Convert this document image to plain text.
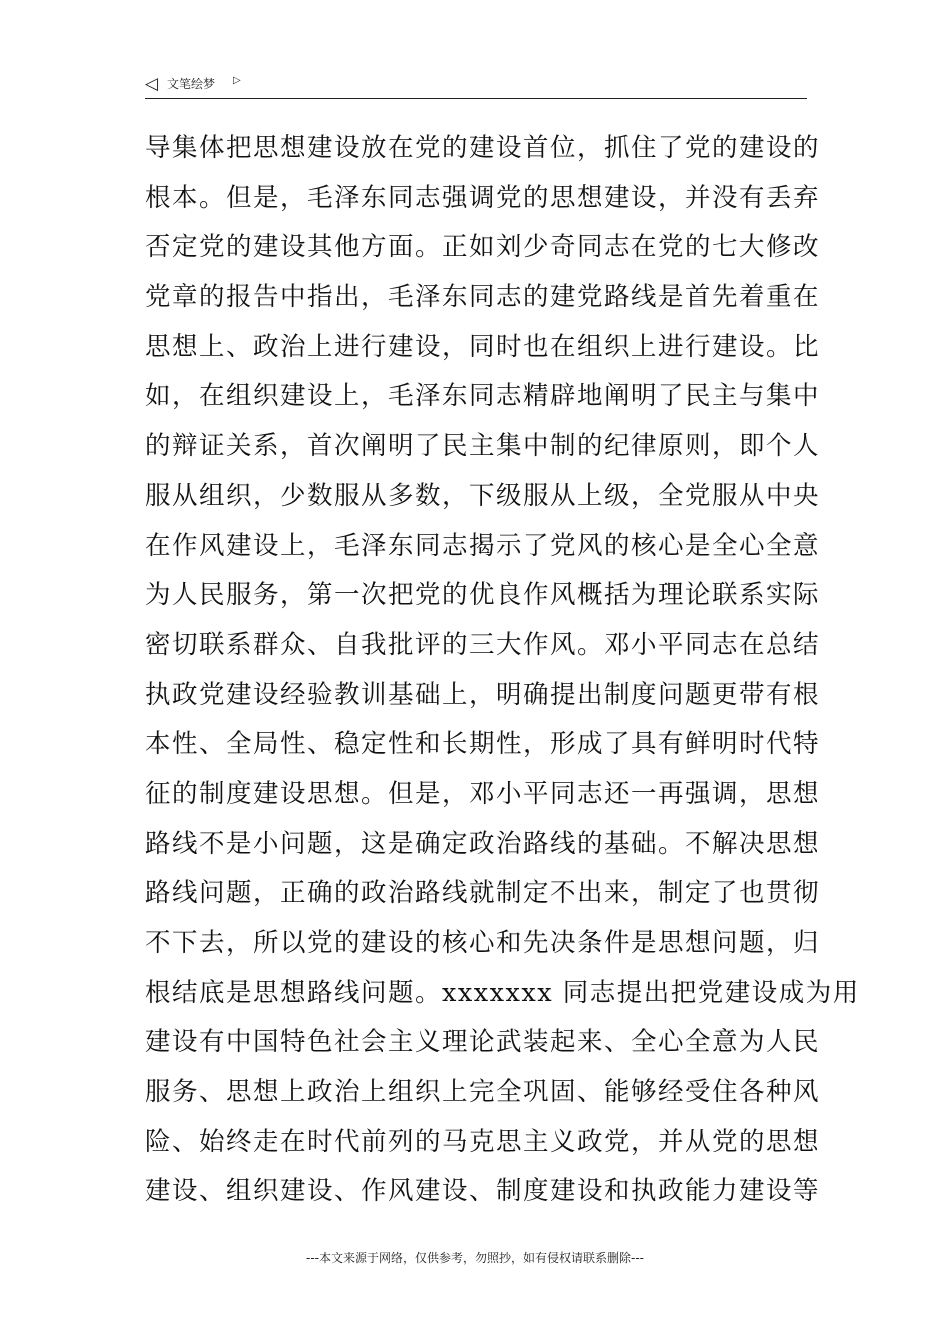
◁ 文笔绘梦 ▷
导集体把思想建设放在党的建设首位，抓住了党的建设的
根本。但是，毛泽东同志强调党的思想建设，并没有丢弃
否定党的建设其他方面。正如刘少奇同志在党的七大修改
党章的报告中指出，毛泽东同志的建党路线是首先着重在
思想上、政治上进行建设，同时也在组织上进行建设。比
如，在组织建设上，毛泽东同志精辟地阐明了民主与集中
的辩证关系，首次阐明了民主集中制的纪律原则，即个人
服从组织，少数服从多数，下级服从上级，全党服从中央
在作风建设上，毛泽东同志揭示了党风的核心是全心全意
为人民服务，第一次把党的优良作风概括为理论联系实际
密切联系群众、自我批评的三大作风。邓小平同志在总结
执政党建设经验教训基础上，明确提出制度问题更带有根
本性、全局性、稳定性和长期性，形成了具有鲜明时代特
征的制度建设思想。但是，邓小平同志还一再强调，思想
路线不是小问题，这是确定政治路线的基础。不解决思想
路线问题，正确的政治路线就制定不出来，制定了也贯彻
不下去，所以党的建设的核心和先决条件是思想问题，归
根结底是思想路线问题。xxxxxxx 同志提出把党建设成为用
建设有中国特色社会主义理论武装起来、全心全意为人民
服务、思想上政治上组织上完全巩固、能够经受住各种风
险、始终走在时代前列的马克思主义政党，并从党的思想
建设、组织建设、作风建设、制度建设和执政能力建设等
---本文来源于网络，仅供参考，勿照抄，如有侵权请联系删除---
